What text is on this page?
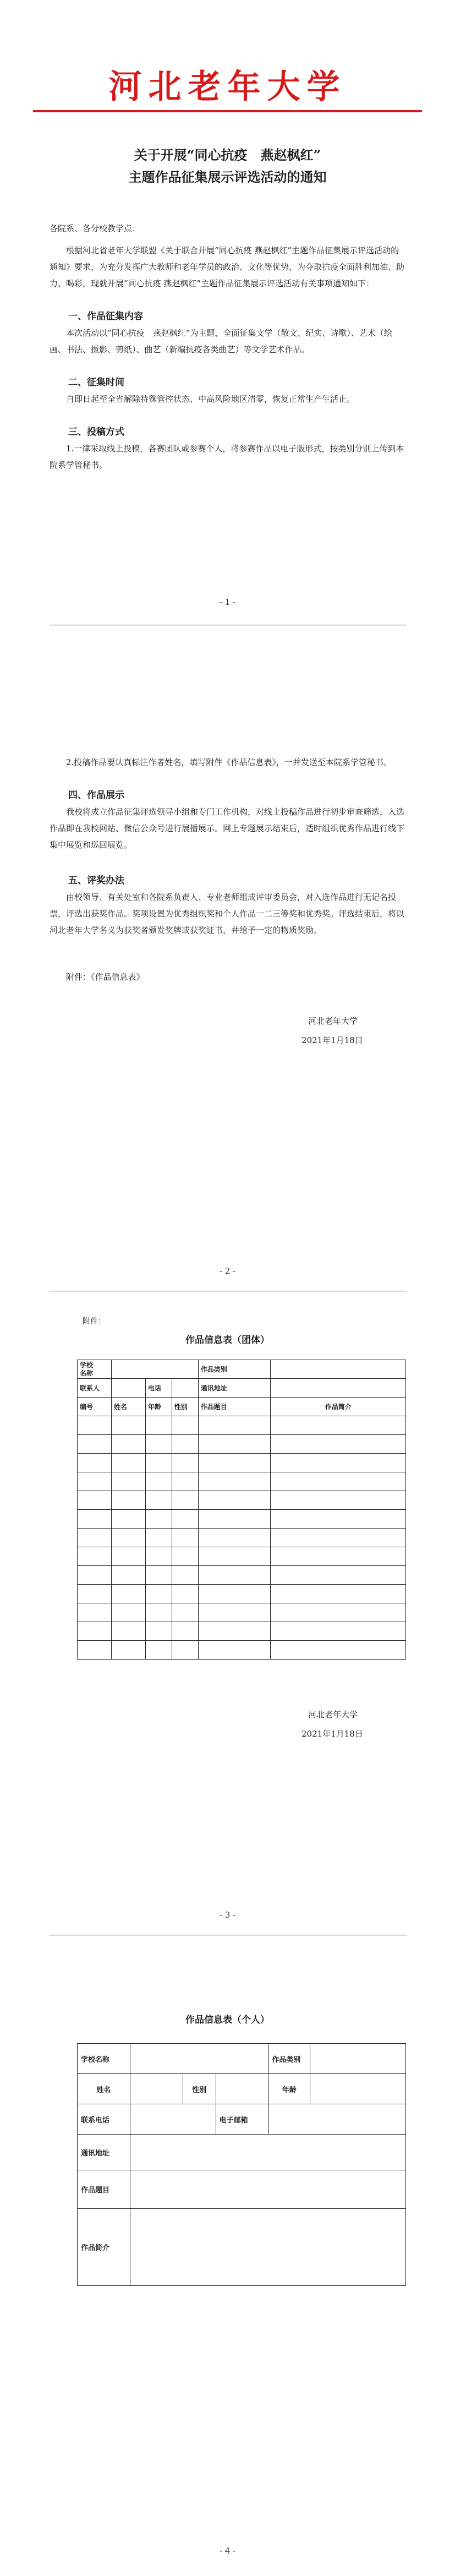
河北老年大学
关于开展“同心抗疫　燕赵枫红”
主题作品征集展示评选活动的通知
各院系、各分校教学点：
根据河北省老年大学联盟《关于联合开展“同心抗疫 燕赵枫红”主题作品征集展示评选活动的通知》要求，为充分发挥广大教师和老年学员的政治、文化等优势，为夺取抗疫全面胜利加油、助力、喝彩，现就开展“同心抗疫 燕赵枫红”主题作品征集展示评选活动有关事项通知如下：
一、作品征集内容
本次活动以“同心抗疫　燕赵枫红”为主题，全面征集文学（散文、纪实、诗歌）、艺术（绘画、书法、摄影、剪纸）、曲艺（新编抗疫各类曲艺）等文学艺术作品。
二、征集时间
自即日起至全省解除特殊管控状态、中高风险地区清零，恢复正常生产生活止。
三、投稿方式
1.一律采取线上投稿，各赛团队或参赛个人，将参赛作品以电子版形式，按类别分别上传到本院系学管秘书。
- 1 -
2.投稿作品要认真标注作者姓名，填写附件《作品信息表》，一并发送至本院系学管秘书。
四、作品展示
我校将成立作品征集评选领导小组和专门工作机构，对线上投稿作品进行初步审查筛选，入选作品即在我校网站、微信公众号进行展播展示。网上专题展示结束后，适时组织优秀作品进行线下集中展览和巡回展览。
五、评奖办法
由校领导、有关处室和各院系负责人、专业老师组成评审委员会，对入选作品进行无记名投票，评选出获奖作品。奖项设置为优秀组织奖和个人作品一二三等奖和优秀奖。评选结束后，将以河北老年大学名义为获奖者颁发奖牌或获奖证书，并给予一定的物质奖励。
附件：《作品信息表》
河北老年大学
2021年1月18日
- 2 -
附件：
作品信息表（团体）
学校
名称				作品类别	
联系人		电话		通讯地址	
编号	姓名	年龄	性别	作品题目	作品简介

河北老年大学
2021年1月18日
- 3 -
作品信息表（个人）
学校名称				作品类别	
姓名		性别		年龄	
联系电话			电子邮箱		
通讯地址					
作品题目					
作品简介					
- 4 -
